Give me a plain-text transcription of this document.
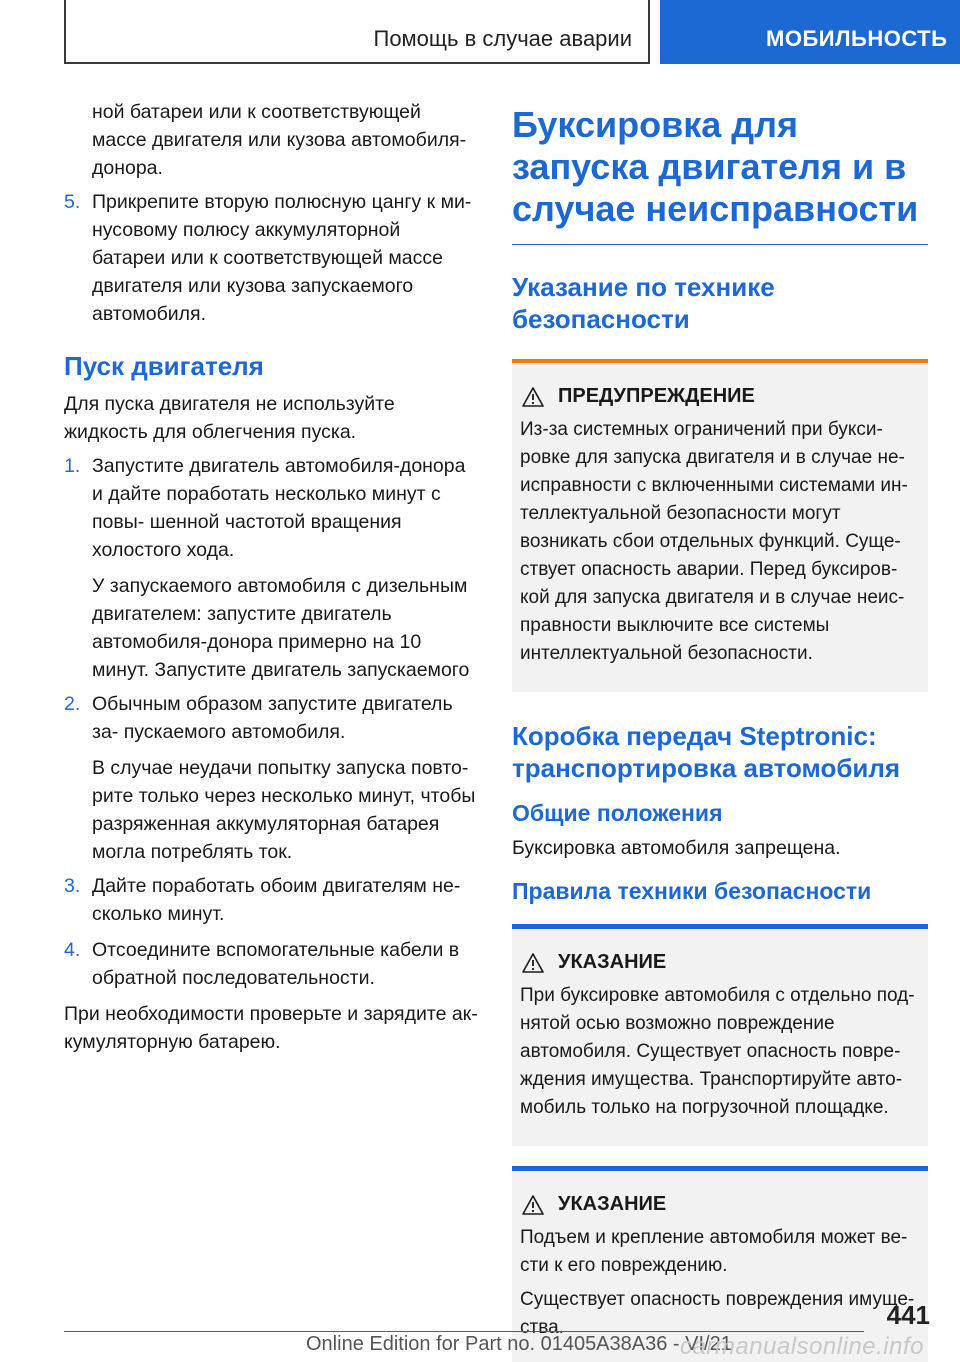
Помощь в случае аварии	МОБИЛЬНОСТЬ

ной батареи или к соответствующей массе двигателя или кузова автомобиля-донора.

5. Прикрепите вторую полюсную цангу к ми- нусовому полюсу аккумуляторной батареи или к соответствующей массе двигателя или кузова запускаемого автомобиля.
Пуск двигателя

Для пуска двигателя не используйте жидкость для облегчения пуска.

1. Запустите двигатель автомобиля-донора и дайте поработать несколько минут с повы- шенной частотой вращения холостого хода.

У запускаемого автомобиля с дизельным двигателем: запустите двигатель автомобиля-донора примерно на 10 минут. Запустите двигатель запускаемого

2. Обычным образом запустите двигатель за- пускаемого автомобиля.

В случае неудачи попытку запуска повто- рите только через несколько минут, чтобы разряженная аккумуляторная батарея могла потреблять ток.

3. Дайте поработать обоим двигателям не- сколько минут.
4. Отсоедините вспомогательные кабели в обратной последовательности.

При необходимости проверьте и зарядите ак- кумуляторную батарею.

Буксировка для запуска двигателя и в случае неисправности
Указание по технике безопасности
ПРЕДУПРЕЖДЕНИЕ

Из-за системных ограничений при букси- ровке для запуска двигателя и в случае не- исправности с включенными системами ин- теллектуальной безопасности могут возникать сбои отдельных функций. Суще- ствует опасность аварии. Перед буксиров- кой для запуска двигателя и в случае неис- правности выключите все системы интеллектуальной безопасности.

Коробка передач Steptronic: транспортировка автомобиля
Общие положения

Буксировка автомобиля запрещена.

Правила техники безопасности
УКАЗАНИЕ

При буксировке автомобиля с отдельно под- нятой осью возможно повреждение автомобиля. Существует опасность повре- ждения имущества. Транспортируйте авто- мобиль только на погрузочной площадке.

УКАЗАНИЕ

Подъем и крепление автомобиля может ве- сти к его повреждению.

Существует опасность повреждения имуще- ства.	441
Online Edition for Part no. 01405A38A36 - VI/21
carmanualsonline.info
